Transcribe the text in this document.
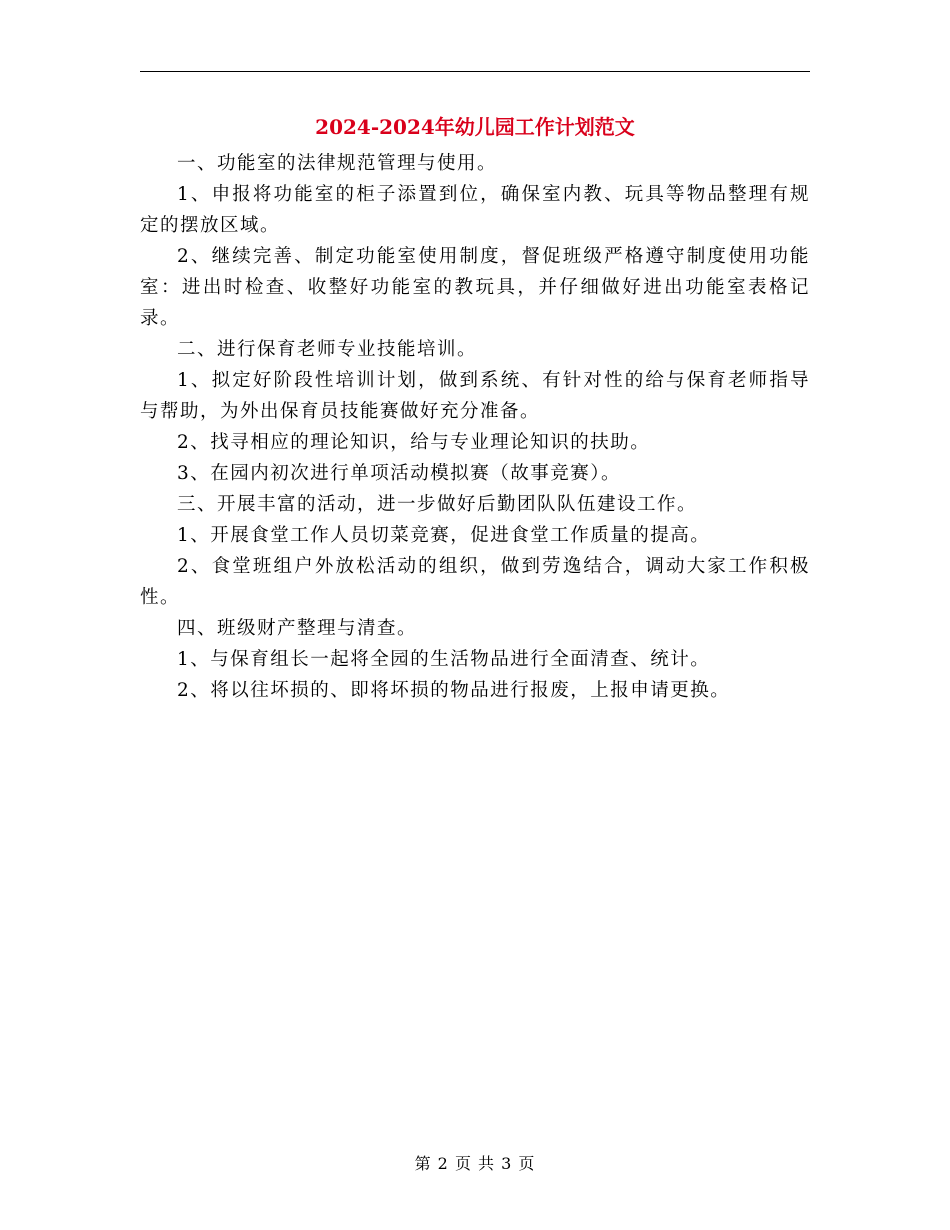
2024-2024年幼儿园工作计划范文

一、功能室的法律规范管理与使用。

1、申报将功能室的柜子添置到位，确保室内教、玩具等物品整理有规定的摆放区域。

2、继续完善、制定功能室使用制度，督促班级严格遵守制度使用功能室：进出时检查、收整好功能室的教玩具，并仔细做好进出功能室表格记录。

二、进行保育老师专业技能培训。

1、拟定好阶段性培训计划，做到系统、有针对性的给与保育老师指导与帮助，为外出保育员技能赛做好充分准备。

2、找寻相应的理论知识，给与专业理论知识的扶助。

3、在园内初次进行单项活动模拟赛（故事竞赛）。

三、开展丰富的活动，进一步做好后勤团队队伍建设工作。

1、开展食堂工作人员切菜竞赛，促进食堂工作质量的提高。

2、食堂班组户外放松活动的组织，做到劳逸结合，调动大家工作积极性。

四、班级财产整理与清查。

1、与保育组长一起将全园的生活物品进行全面清查、统计。

2、将以往坏损的、即将坏损的物品进行报废，上报申请更换。

第 2 页 共 3 页
